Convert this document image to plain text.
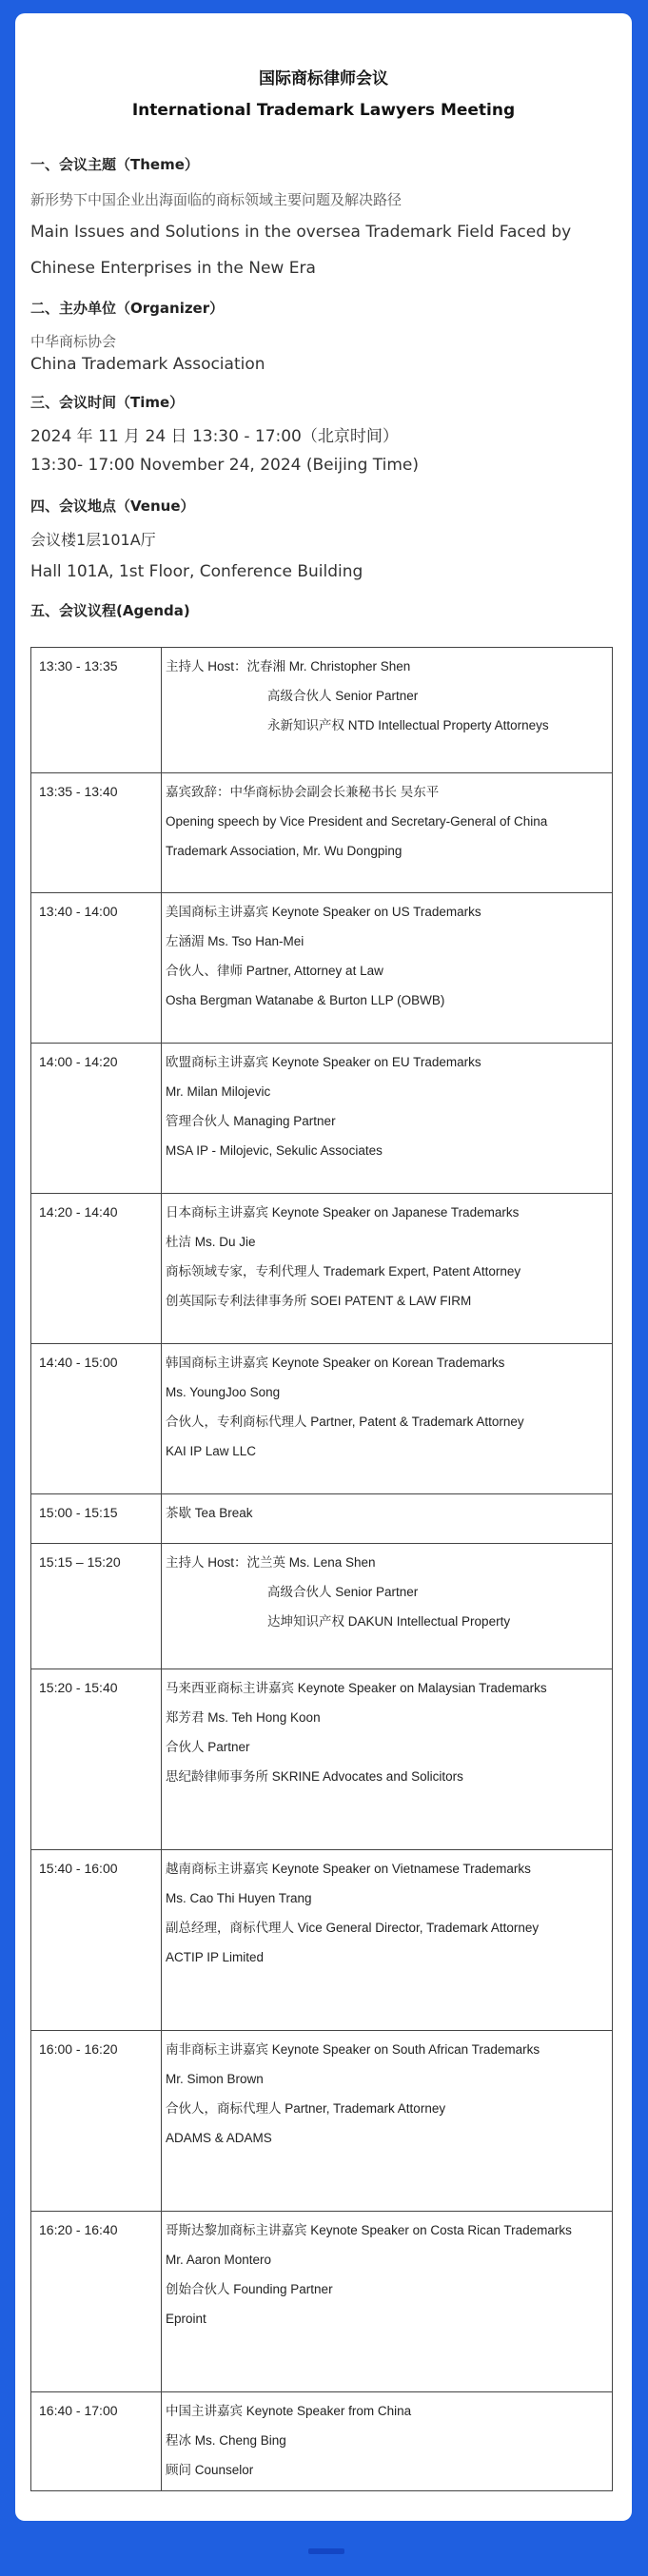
国际商标律师会议
International Trademark Lawyers Meeting
一、会议主题（Theme）
新形势下中国企业出海面临的商标领域主要问题及解决路径
Main Issues and Solutions in the oversea Trademark Field Faced by
Chinese Enterprises in the New Era
二、主办单位（Organizer）
中华商标协会
China Trademark Association
三、会议时间（Time）
2024 年 11 月 24 日 13:30 - 17:00（北京时间）
13:30- 17:00 November 24, 2024 (Beijing Time)
四、会议地点（Venue）
会议楼1层101A厅
Hall 101A, 1st Floor, Conference Building
五、会议议程(Agenda)
13:30 - 13:35	主持人 Host：沈春湘 Mr. Christopher Shen
高级合伙人 Senior Partner
永新知识产权 NTD Intellectual Property Attorneys

13:35 - 13:40	嘉宾致辞：中华商标协会副会长兼秘书长 吴东平
Opening speech by Vice President and Secretary-General of China Trademark Association, Mr. Wu Dongping

13:40 - 14:00	美国商标主讲嘉宾 Keynote Speaker on US Trademarks
左涵湄 Ms. Tso Han-Mei
合伙人、律师 Partner, Attorney at Law
Osha Bergman Watanabe & Burton LLP (OBWB)

14:00 - 14:20	欧盟商标主讲嘉宾 Keynote Speaker on EU Trademarks
Mr. Milan Milojevic
管理合伙人 Managing Partner
MSA IP - Milojevic, Sekulic Associates

14:20 - 14:40	日本商标主讲嘉宾 Keynote Speaker on Japanese Trademarks
杜洁 Ms. Du Jie
商标领域专家，专利代理人 Trademark Expert, Patent Attorney
创英国际专利法律事务所 SOEI PATENT & LAW FIRM

14:40 - 15:00	韩国商标主讲嘉宾 Keynote Speaker on Korean Trademarks
Ms. YoungJoo Song
合伙人，专利商标代理人 Partner, Patent & Trademark Attorney
KAI IP Law LLC

15:00 - 15:15	茶歇 Tea Break

15:15 – 15:20	主持人 Host：沈兰英 Ms. Lena Shen
高级合伙人 Senior Partner
达坤知识产权 DAKUN Intellectual Property

15:20 - 15:40	马来西亚商标主讲嘉宾 Keynote Speaker on Malaysian Trademarks
郑芳君 Ms. Teh Hong Koon
合伙人 Partner
思纪龄律师事务所 SKRINE Advocates and Solicitors

15:40 - 16:00	越南商标主讲嘉宾 Keynote Speaker on Vietnamese Trademarks
Ms. Cao Thi Huyen Trang
副总经理，商标代理人 Vice General Director, Trademark Attorney
ACTIP IP Limited

16:00 - 16:20	南非商标主讲嘉宾 Keynote Speaker on South African Trademarks
Mr. Simon Brown
合伙人，商标代理人 Partner, Trademark Attorney
ADAMS & ADAMS

16:20 - 16:40	哥斯达黎加商标主讲嘉宾 Keynote Speaker on Costa Rican Trademarks
Mr. Aaron Montero
创始合伙人 Founding Partner
Eproint

16:40 - 17:00	中国主讲嘉宾 Keynote Speaker from China
程冰 Ms. Cheng Bing
顾问 Counselor
